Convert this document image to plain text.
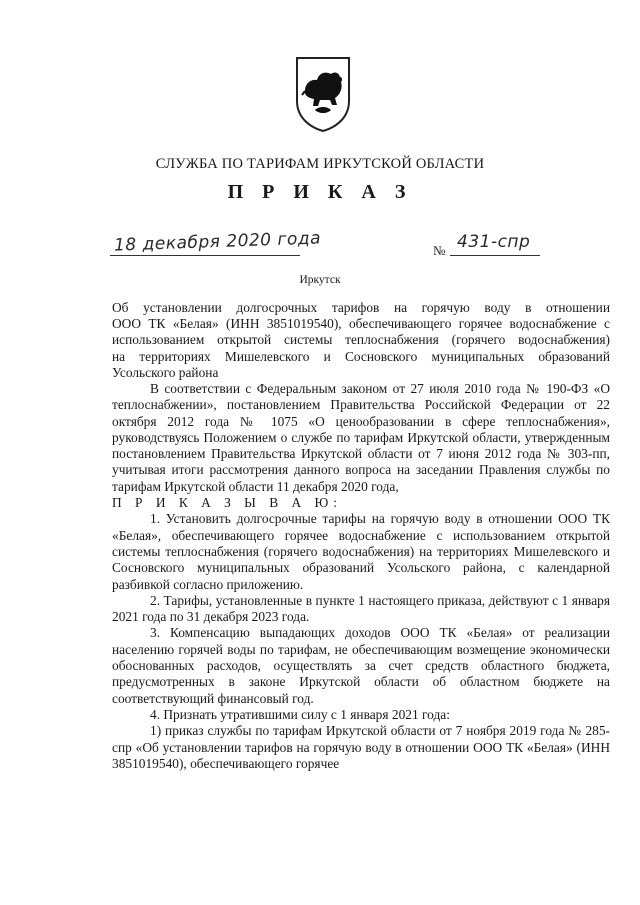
СЛУЖБА ПО ТАРИФАМ ИРКУТСКОЙ ОБЛАСТИ
П Р И К А З
18 декабря 2020 года	№ 431-спр
Иркутск
Об установлении долгосрочных тарифов на горячую воду в отношении
ООО ТК «Белая» (ИНН 3851019540), обеспечивающего горячее водоснабжение с
использованием открытой системы теплоснабжения (горячего водоснабжения)
на территориях Мишелевского и Сосновского муниципальных образований
Усольского района

В соответствии с Федеральным законом от 27 июля 2010 года № 190-ФЗ «О теплоснабжении», постановлением Правительства Российской Федерации от 22 октября 2012 года № 1075 «О ценообразовании в сфере теплоснабжения», руководствуясь Положением о службе по тарифам Иркутской области, утвержденным постановлением Правительства Иркутской области от 7 июня 2012 года № 303-пп, учитывая итоги рассмотрения данного вопроса на заседании Правления службы по тарифам Иркутской области 11 декабря 2020 года,

П Р И К А З Ы В А Ю:

1. Установить долгосрочные тарифы на горячую воду в отношении ООО ТК «Белая», обеспечивающего горячее водоснабжение с использованием открытой системы теплоснабжения (горячего водоснабжения) на территориях Мишелевского и Сосновского муниципальных образований Усольского района, с календарной разбивкой согласно приложению.

2. Тарифы, установленные в пункте 1 настоящего приказа, действуют с 1 января 2021 года по 31 декабря 2023 года.

3. Компенсацию выпадающих доходов ООО ТК «Белая» от реализации населению горячей воды по тарифам, не обеспечивающим возмещение экономически обоснованных расходов, осуществлять за счет средств областного бюджета, предусмотренных в законе Иркутской области об областном бюджете на соответствующий финансовый год.

4. Признать утратившими силу с 1 января 2021 года:

1) приказ службы по тарифам Иркутской области от 7 ноября 2019 года № 285-спр «Об установлении тарифов на горячую воду в отношении ООО ТК «Белая» (ИНН 3851019540), обеспечивающего горячее
